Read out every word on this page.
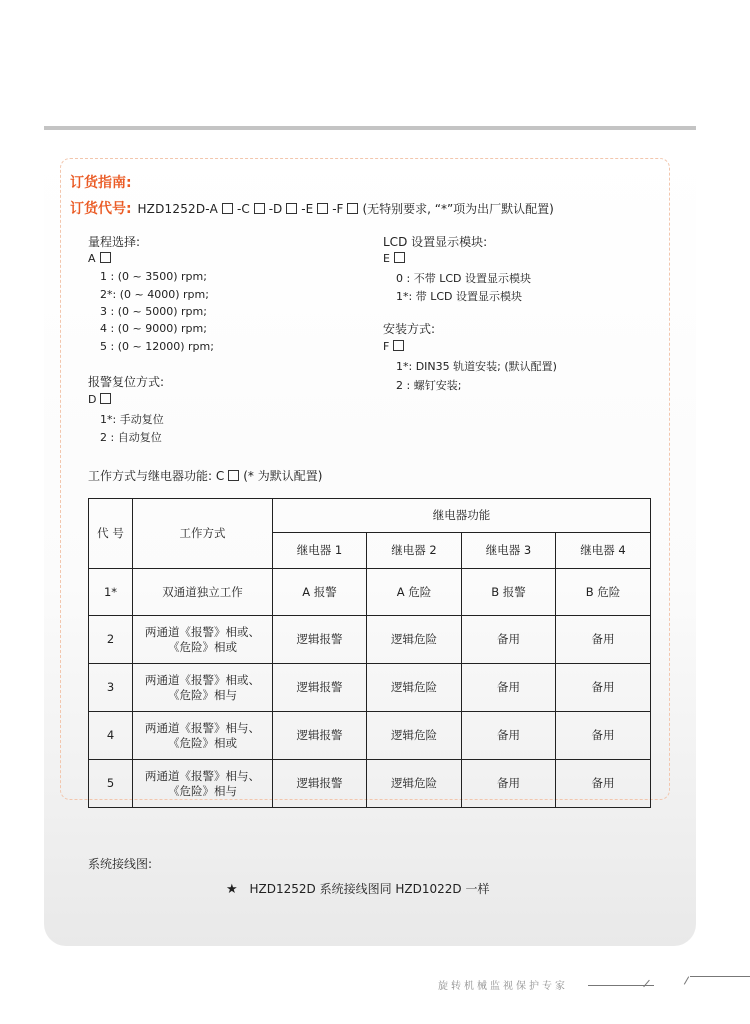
订货指南:
订货代号: HZD1252D-A -C -D -E -F (无特别要求, “*”项为出厂默认配置)
量程选择:
A
1 : (0 ~ 3500) rpm;
2*: (0 ~ 4000) rpm;
3 : (0 ~ 5000) rpm;
4 : (0 ~ 9000) rpm;
5 : (0 ~ 12000) rpm;
报警复位方式:
D
1*: 手动复位
2 : 自动复位
LCD 设置显示模块:
E
0 : 不带 LCD 设置显示模块
1*: 带 LCD 设置显示模块
安装方式:
F
1*: DIN35 轨道安装; (默认配置)
2 : 螺钉安装;
工作方式与继电器功能: C (* 为默认配置)
代 号	工作方式	继电器功能			
		继电器 1	继电器 2	继电器 3	继电器 4
1*	双通道独立工作	A 报警	A 危险	B 报警	B 危险
2	两通道《报警》相或、
《危险》相或	逻辑报警	逻辑危险	备用	备用
3	两通道《报警》相或、
《危险》相与	逻辑报警	逻辑危险	备用	备用
4	两通道《报警》相与、
《危险》相或	逻辑报警	逻辑危险	备用	备用
5	两通道《报警》相与、
《危险》相与	逻辑报警	逻辑危险	备用	备用
系统接线图:
★ HZD1252D 系统接线图同 HZD1022D 一样
旋转机械监视保护专家
